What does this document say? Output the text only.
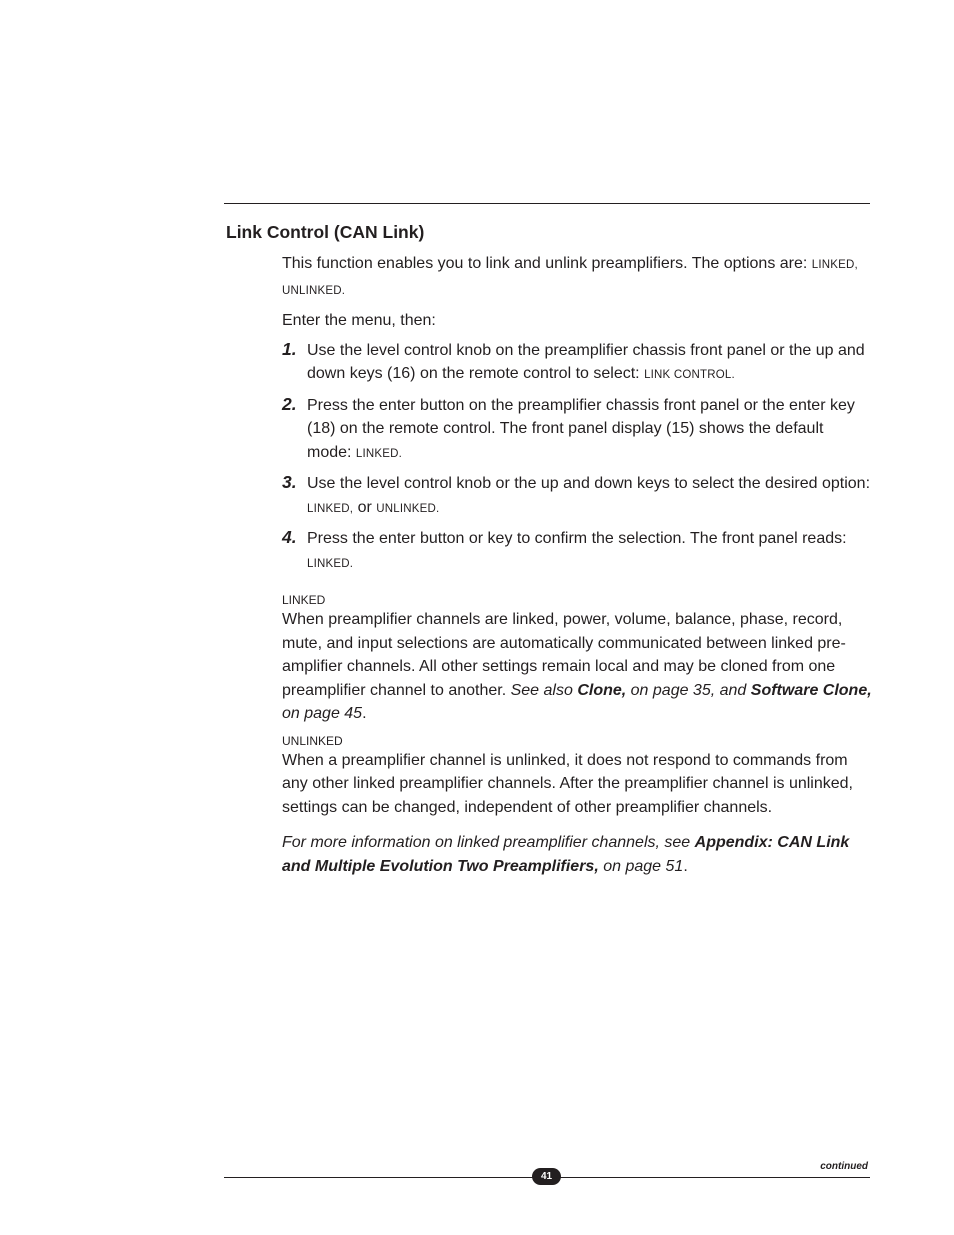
Link Control (CAN Link)

This function enables you to link and unlink preamplifiers. The options are: LINKED,
UNLINKED.

Enter the menu, then:

1. Use the level control knob on the preamplifier chassis front panel or the up and down keys (16) on the remote control to select: LINK CONTROL.
2. Press the enter button on the preamplifier chassis front panel or the enter key (18) on the remote control. The front panel display (15) shows the default mode: LINKED.
3. Use the level control knob or the up and down keys to select the desired option: LINKED, or UNLINKED.
4. Press the enter button or key to confirm the selection. The front panel reads: LINKED.

LINKED

When preamplifier channels are linked, power, volume, balance, phase, record, mute, and input selections are automatically communicated between linked pre-amplifier channels. All other settings remain local and may be cloned from one preamplifier channel to another. See also Clone, on page 35, and Software Clone, on page 45.

UNLINKED

When a preamplifier channel is unlinked, it does not respond to commands from any other linked preamplifier channels. After the preamplifier channel is unlinked, settings can be changed, independent of other preamplifier channels.

For more information on linked preamplifier channels, see Appendix: CAN Link and Multiple Evolution Two Preamplifiers, on page 51.

continued
41
